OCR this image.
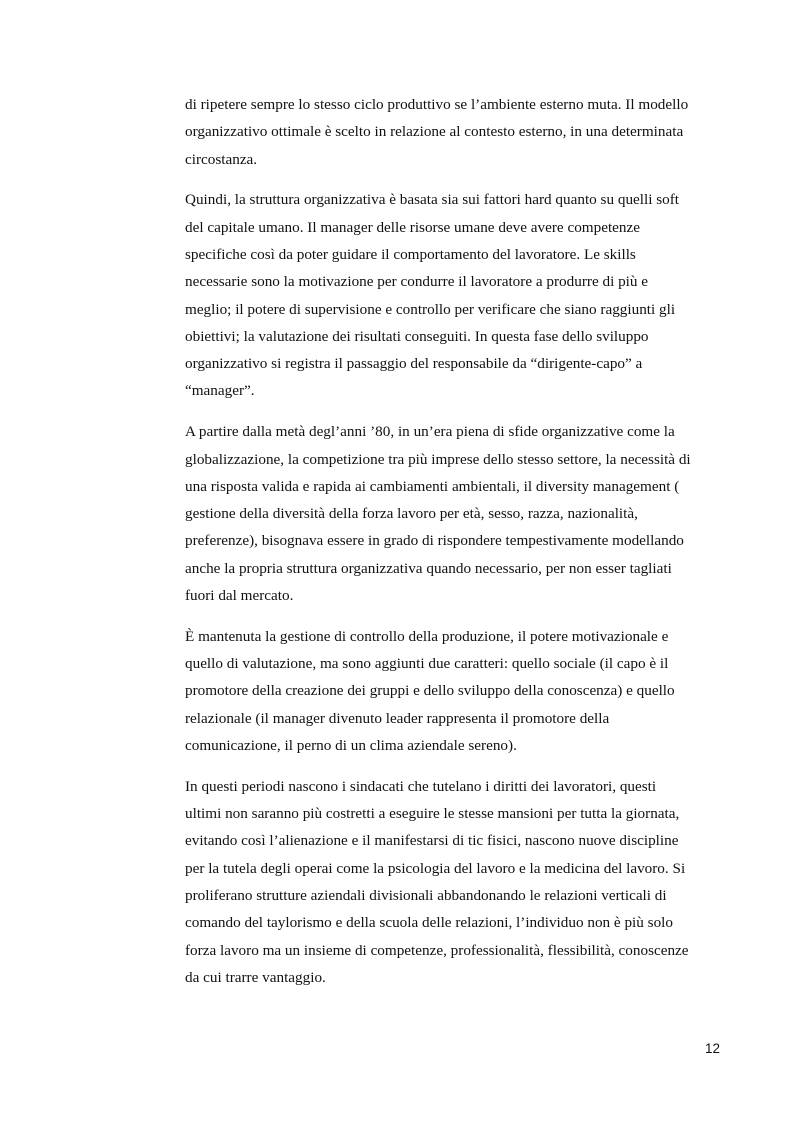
di ripetere sempre lo stesso ciclo produttivo se l’ambiente esterno muta. Il modello
organizzativo ottimale è scelto in relazione al contesto esterno, in una determinata
circostanza.

Quindi, la struttura organizzativa è basata sia sui fattori hard quanto su quelli soft
del capitale umano. Il manager delle risorse umane deve avere competenze
specifiche così da poter guidare il comportamento del lavoratore. Le skills
necessarie sono la motivazione per condurre il lavoratore a produrre di più e
meglio; il potere di supervisione e controllo per verificare che siano raggiunti gli
obiettivi; la valutazione dei risultati conseguiti. In questa fase dello sviluppo
organizzativo si registra il passaggio del responsabile da “dirigente-capo” a
“manager”.

A partire dalla metà degl’anni ’80, in un’era piena di sfide organizzative come la
globalizzazione, la competizione tra più imprese dello stesso settore, la necessità di
una risposta valida e rapida ai cambiamenti ambientali, il diversity management (
gestione della diversità della forza lavoro per età, sesso, razza, nazionalità,
preferenze), bisognava essere in grado di rispondere tempestivamente modellando
anche la propria struttura organizzativa quando necessario, per non esser tagliati
fuori dal mercato.

È mantenuta la gestione di controllo della produzione, il potere motivazionale e
quello di valutazione, ma sono aggiunti due caratteri: quello sociale (il capo è il
promotore della creazione dei gruppi e dello sviluppo della conoscenza) e quello
relazionale (il manager divenuto leader rappresenta il promotore della
comunicazione, il perno di un clima aziendale sereno).

In questi periodi nascono i sindacati che tutelano i diritti dei lavoratori, questi
ultimi non saranno più costretti a eseguire le stesse mansioni per tutta la giornata,
evitando così l’alienazione e il manifestarsi di tic fisici, nascono nuove discipline
per la tutela degli operai come la psicologia del lavoro e la medicina del lavoro. Si
proliferano strutture aziendali divisionali abbandonando le relazioni verticali di
comando del taylorismo e della scuola delle relazioni, l’individuo non è più solo
forza lavoro ma un insieme di competenze, professionalità, flessibilità, conoscenze
da cui trarre vantaggio.

12
